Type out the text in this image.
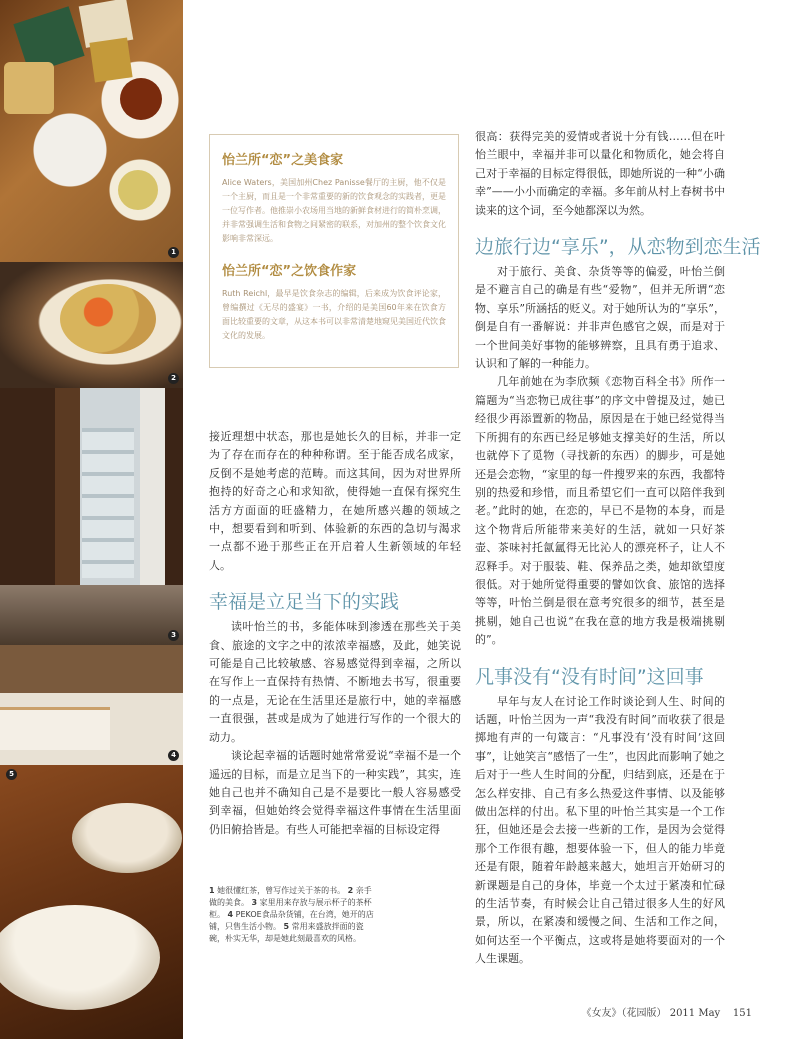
1
2
3
4
5
怡兰所“恋”之美食家

Alice Waters，美国加州Chez Panisse餐厅的主厨，他不仅是一个主厨，而且是一个非常重要的新的饮食观念的实践者，更是一位写作者。他推崇小农场用当地的新鲜食材进行的简朴烹调，并非常强调生活和食物之间紧密的联系，对加州的整个饮食文化影响非常深远。

怡兰所“恋”之饮食作家

Ruth Reichl，最早是饮食杂志的编辑，后来成为饮食评论家，曾编撰过《无尽的盛宴》一书，介绍的是美国60年来在饮食方面比较重要的文章，从这本书可以非常清楚地窥见美国近代饮食文化的发展。

接近理想中状态，那也是她长久的目标，并非一定为了存在而存在的种种称谓。至于能否成名成家，反倒不是她考虑的范畴。而这其间，因为对世界所抱持的好奇之心和求知欲，使得她一直保有探究生活方方面面的旺盛精力，在她所感兴趣的领域之中，想要看到和听到、体验新的东西的急切与渴求一点都不逊于那些正在开启着人生新领域的年轻人。

幸福是立足当下的实践

读叶怡兰的书，多能体味到渗透在那些关于美食、旅途的文字之中的浓浓幸福感，及此，她笑说可能是自己比较敏感、容易感觉得到幸福，之所以在写作上一直保持有热情、不断地去书写，很重要的一点是，无论在生活里还是旅行中，她的幸福感一直很强，甚或是成为了她进行写作的一个很大的动力。

谈论起幸福的话题时她常常爱说“幸福不是一个遥远的目标，而是立足当下的一种实践”，其实，连她自己也并不确知自己是不是要比一般人容易感受到幸福，但她始终会觉得幸福这件事情在生活里面仍旧俯拾皆是。有些人可能把幸福的目标设定得

很高：获得完美的爱情或者说十分有钱……但在叶怡兰眼中，幸福并非可以量化和物质化，她会将自己对于幸福的目标定得很低，即她所说的一种“小确幸”——小小而确定的幸福。多年前从村上春树书中读来的这个词，至今她都深以为然。

边旅行边“享乐”，从恋物到恋生活

对于旅行、美食、杂货等等的偏爱，叶怡兰倒是不避言自己的确是有些“爱物”，但并无所谓“恋物、享乐”所涵括的贬义。对于她所认为的“享乐”，倒是自有一番解说：并非声色感官之娱，而是对于一个世间美好事物的能够辨察，且具有勇于追求、认识和了解的一种能力。

几年前她在为李欣频《恋物百科全书》所作一篇题为“当恋物已成往事”的序文中曾提及过，她已经很少再添置新的物品，原因是在于她已经觉得当下所拥有的东西已经足够她支撑美好的生活，所以也就停下了觅物（寻找新的东西）的脚步，可是她还是会恋物，“家里的每一件搜罗来的东西，我都特别的热爱和珍惜，而且希望它们一直可以陪伴我到老。”此时的她，在恋的，早已不是物的本身，而是这个物背后所能带来美好的生活，就如一只好茶壶、茶味衬托氤氲得无比沁人的漂亮杯子，让人不忍释手。对于服装、鞋、保养品之类，她却欲望度很低。对于她所觉得重要的譬如饮食、旅馆的选择等等，叶怡兰倒是很在意考究很多的细节，甚至是挑剔，她自己也说“在我在意的地方我是极端挑剔的”。

凡事没有“没有时间”这回事

早年与友人在讨论工作时谈论到人生、时间的话题，叶怡兰因为一声“我没有时间”而收获了很是掷地有声的一句箴言：“凡事没有‘没有时间’这回事”，让她笑言“感悟了一生”，也因此而影响了她之后对于一些人生时间的分配，归结到底，还是在于怎么样安排、自己有多么热爱这件事情、以及能够做出怎样的付出。私下里的叶怡兰其实是一个工作狂，但她还是会去接一些新的工作，是因为会觉得那个工作很有趣，想要体验一下，但人的能力毕竟还是有限，随着年龄越来越大，她坦言开始研习的新课题是自己的身体，毕竟一个太过于紧凑和忙碌的生活节奏，有时候会让自己错过很多人生的好风景，所以，在紧凑和缓慢之间、生活和工作之间，如何达至一个平衡点，这或将是她将要面对的一个人生课题。

1 她很懂红茶，曾写作过关于茶的书。 2 亲手做的美食。 3 家里用来存放与展示杯子的茶杯柜。 4 PEKOE食品杂货铺，在台湾，她开的店铺，只售生活小物。 5 常用来盛放拌面的瓷碗，朴实无华，却是她此刻最喜欢的风格。
《女友》（花园版） 2011 May 151
